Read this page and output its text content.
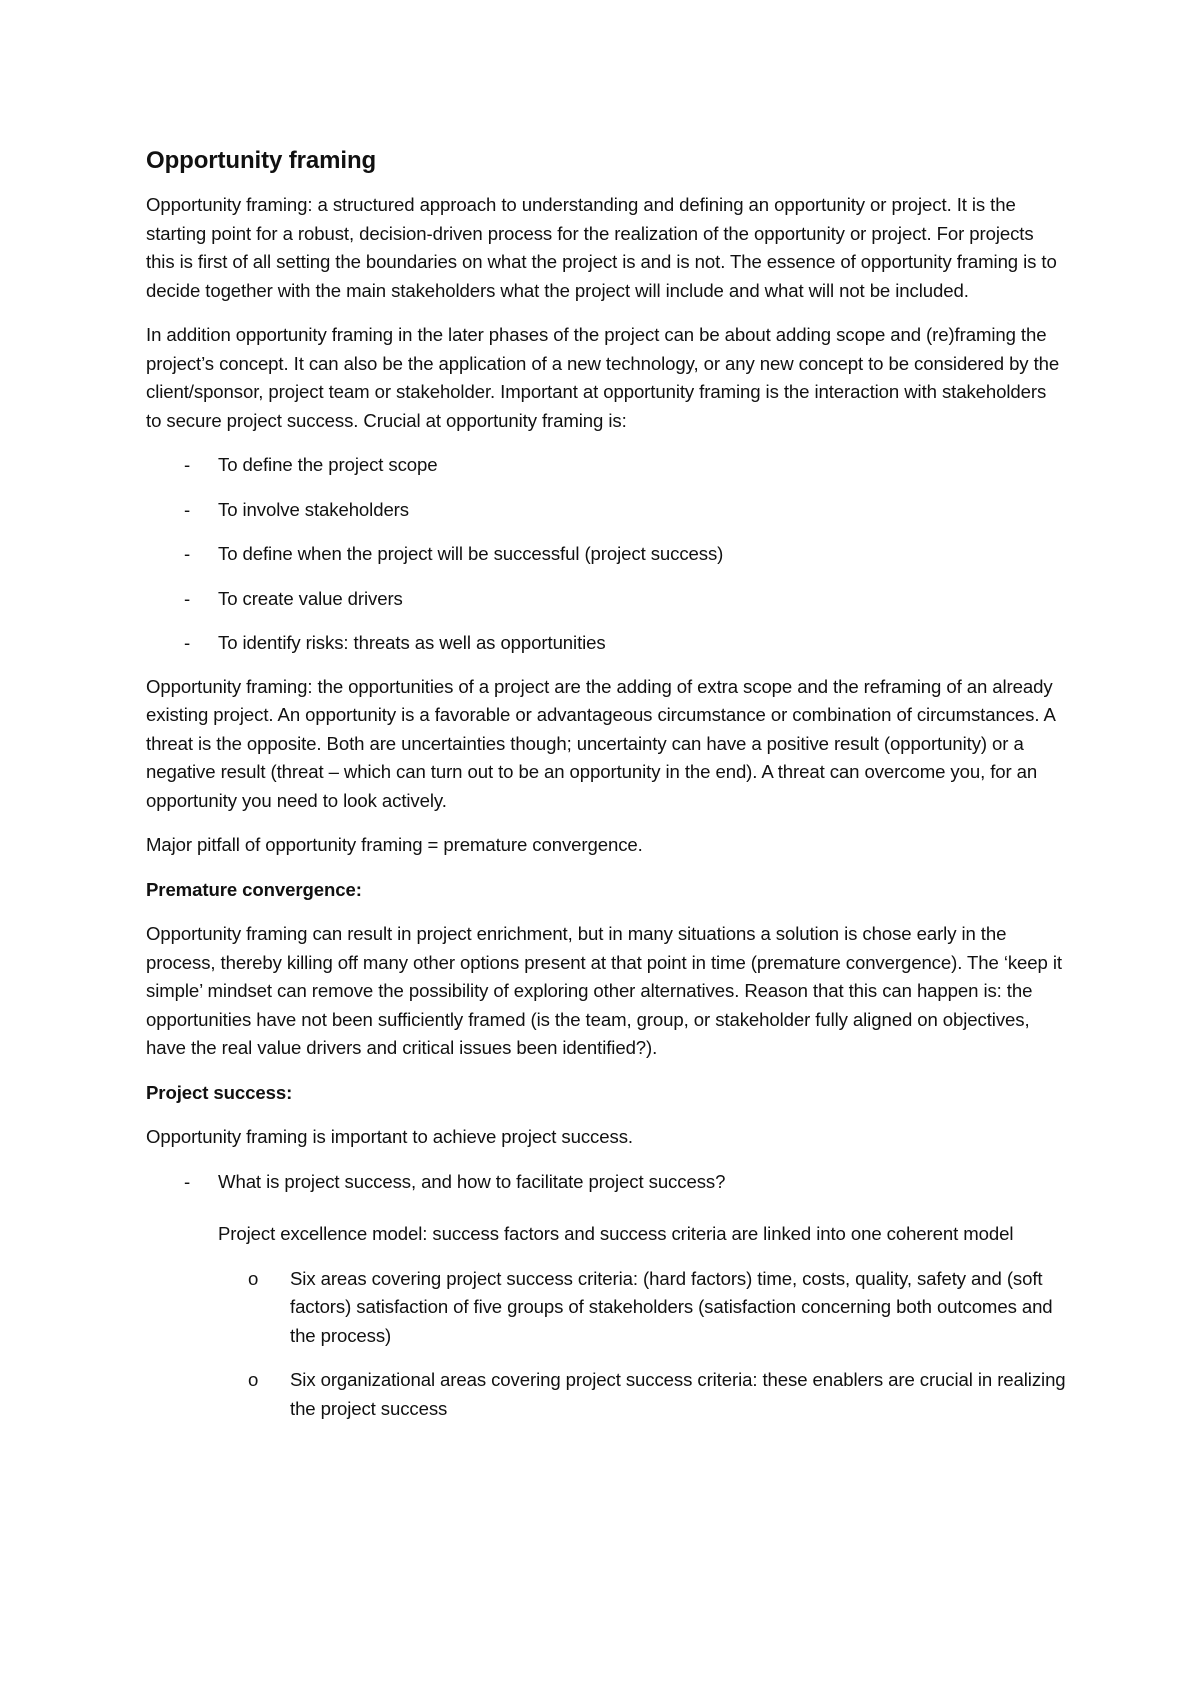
Opportunity framing

Opportunity framing: a structured approach to understanding and defining an opportunity or project. It is the starting point for a robust, decision-driven process for the realization of the opportunity or project. For projects this is first of all setting the boundaries on what the project is and is not. The essence of opportunity framing is to decide together with the main stakeholders what the project will include and what will not be included.

In addition opportunity framing in the later phases of the project can be about adding scope and (re)framing the project’s concept. It can also be the application of a new technology, or any new concept to be considered by the client/sponsor, project team or stakeholder. Important at opportunity framing is the interaction with stakeholders to secure project success. Crucial at opportunity framing is:

- To define the project scope
- To involve stakeholders
- To define when the project will be successful (project success)
- To create value drivers
- To identify risks: threats as well as opportunities

Opportunity framing: the opportunities of a project are the adding of extra scope and the reframing of an already existing project. An opportunity is a favorable or advantageous circumstance or combination of circumstances. A threat is the opposite. Both are uncertainties though; uncertainty can have a positive result (opportunity) or a negative result (threat – which can turn out to be an opportunity in the end). A threat can overcome you, for an opportunity you need to look actively.

Major pitfall of opportunity framing = premature convergence.

Premature convergence:

Opportunity framing can result in project enrichment, but in many situations a solution is chose early in the process, thereby killing off many other options present at that point in time (premature convergence). The ‘keep it simple’ mindset can remove the possibility of exploring other alternatives. Reason that this can happen is: the opportunities have not been sufficiently framed (is the team, group, or stakeholder fully aligned on objectives, have the real value drivers and critical issues been identified?).

Project success:

Opportunity framing is important to achieve project success.

- What is project success, and how to facilitate project success?
Project excellence model: success factors and success criteria are linked into one coherent model
o Six areas covering project success criteria: (hard factors) time, costs, quality, safety and (soft factors) satisfaction of five groups of stakeholders (satisfaction concerning both outcomes and the process)
o Six organizational areas covering project success criteria: these enablers are crucial in realizing the project success
